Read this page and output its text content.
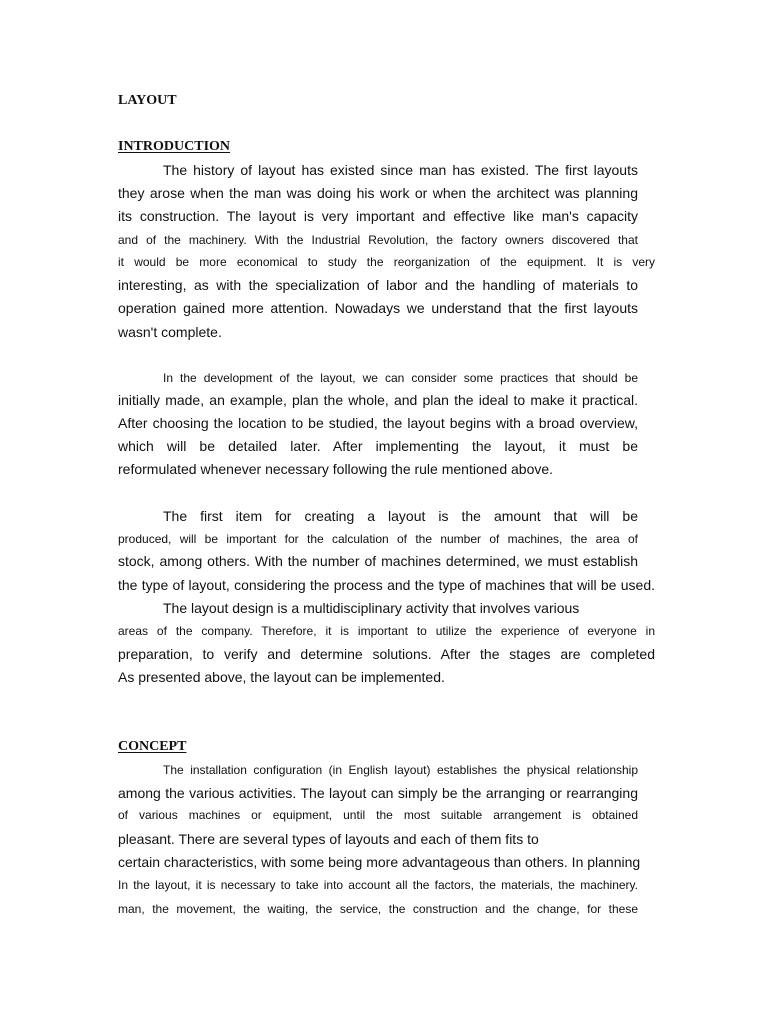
LAYOUT
INTRODUCTION
The history of layout has existed since man has existed. The first layouts
they arose when the man was doing his work or when the architect was planning
its construction. The layout is very important and effective like man's capacity
and of the machinery. With the Industrial Revolution, the factory owners discovered that
it would be more economical to study the reorganization of the equipment. It is very
interesting, as with the specialization of labor and the handling of materials to
operation gained more attention. Nowadays we understand that the first layouts
wasn't complete.
In the development of the layout, we can consider some practices that should be
initially made, an example, plan the whole, and plan the ideal to make it practical.
After choosing the location to be studied, the layout begins with a broad overview,
which will be detailed later. After implementing the layout, it must be
reformulated whenever necessary following the rule mentioned above.
The first item for creating a layout is the amount that will be
produced, will be important for the calculation of the number of machines, the area of
stock, among others. With the number of machines determined, we must establish
the type of layout, considering the process and the type of machines that will be used.
The layout design is a multidisciplinary activity that involves various
areas of the company. Therefore, it is important to utilize the experience of everyone in
preparation, to verify and determine solutions. After the stages are completed
As presented above, the layout can be implemented.
CONCEPT
The installation configuration (in English layout) establishes the physical relationship
among the various activities. The layout can simply be the arranging or rearranging
of various machines or equipment, until the most suitable arrangement is obtained
pleasant. There are several types of layouts and each of them fits to
certain characteristics, with some being more advantageous than others. In planning
In the layout, it is necessary to take into account all the factors, the materials, the machinery.
man, the movement, the waiting, the service, the construction and the change, for these
